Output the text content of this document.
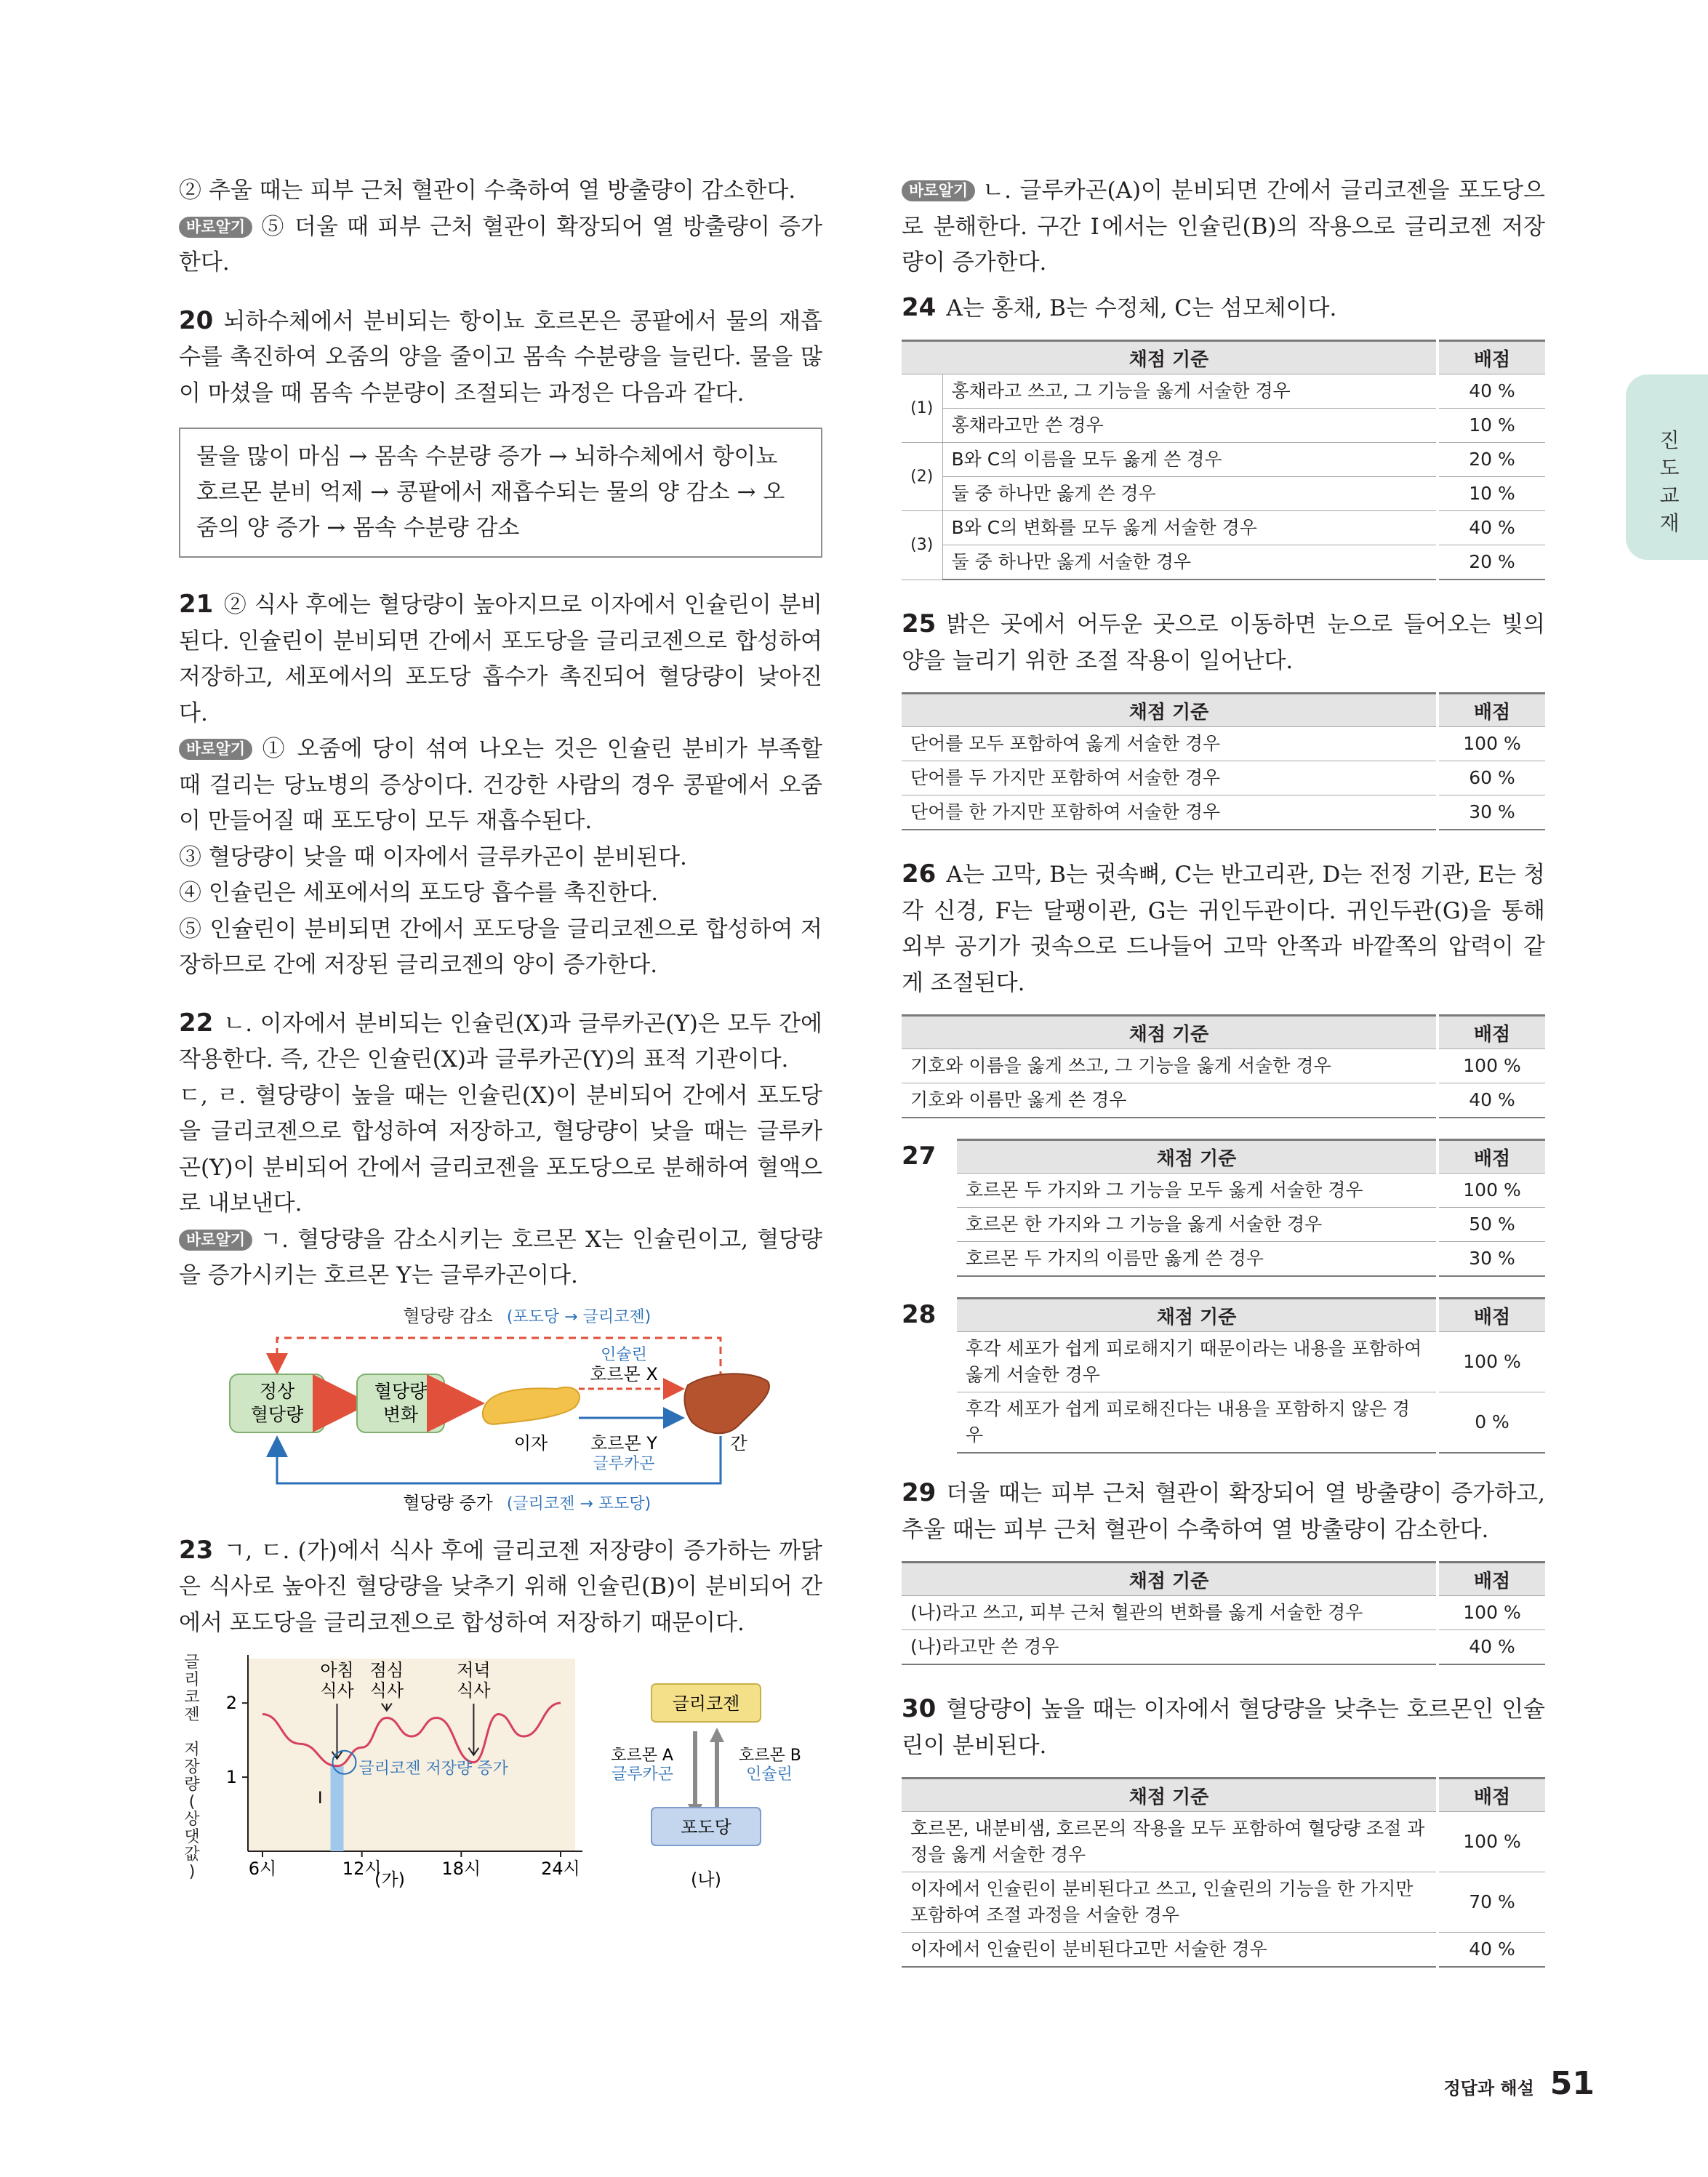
② 추울 때는 피부 근처 혈관이 수축하여 열 방출량이 감소한다.

바로알기 ⑤ 더울 때 피부 근처 혈관이 확장되어 열 방출량이 증가한다.

20 뇌하수체에서 분비되는 항이뇨 호르몬은 콩팥에서 물의 재흡수를 촉진하여 오줌의 양을 줄이고 몸속 수분량을 늘린다. 물을 많이 마셨을 때 몸속 수분량이 조절되는 과정은 다음과 같다.

물을 많이 마심 → 몸속 수분량 증가 → 뇌하수체에서 항이뇨 호르몬 분비 억제 → 콩팥에서 재흡수되는 물의 양 감소 → 오줌의 양 증가 → 몸속 수분량 감소

21 ② 식사 후에는 혈당량이 높아지므로 이자에서 인슐린이 분비된다. 인슐린이 분비되면 간에서 포도당을 글리코젠으로 합성하여 저장하고, 세포에서의 포도당 흡수가 촉진되어 혈당량이 낮아진다.

바로알기 ① 오줌에 당이 섞여 나오는 것은 인슐린 분비가 부족할 때 걸리는 당뇨병의 증상이다. 건강한 사람의 경우 콩팥에서 오줌이 만들어질 때 포도당이 모두 재흡수된다.

③ 혈당량이 낮을 때 이자에서 글루카곤이 분비된다.

④ 인슐린은 세포에서의 포도당 흡수를 촉진한다.

⑤ 인슐린이 분비되면 간에서 포도당을 글리코젠으로 합성하여 저장하므로 간에 저장된 글리코젠의 양이 증가한다.

22 ㄴ. 이자에서 분비되는 인슐린(X)과 글루카곤(Y)은 모두 간에 작용한다. 즉, 간은 인슐린(X)과 글루카곤(Y)의 표적 기관이다.

ㄷ, ㄹ. 혈당량이 높을 때는 인슐린(X)이 분비되어 간에서 포도당을 글리코젠으로 합성하여 저장하고, 혈당량이 낮을 때는 글루카곤(Y)이 분비되어 간에서 글리코젠을 포도당으로 분해하여 혈액으로 내보낸다.

바로알기 ㄱ. 혈당량을 감소시키는 호르몬 X는 인슐린이고, 혈당량을 증가시키는 호르몬 Y는 글루카곤이다.

혈당량 감소 (포도당 → 글리코젠)
정상
혈당량
혈당량
변화
이자
인슐린
호르몬 X
호르몬 Y
글루카곤
간
혈당량 증가 (글리코젠 → 포도당)

23 ㄱ, ㄷ. (가)에서 식사 후에 글리코젠 저장량이 증가하는 까닭은 식사로 높아진 혈당량을 낮추기 위해 인슐린(B)이 분비되어 간에서 포도당을 글리코젠으로 합성하여 저장하기 때문이다.

글
리
코
젠
저
장
량
(
상
댓
값
)
2
1
아침 식사
점심 식사
저녁 식사
글리코젠 저장량 증가
Ⅰ
6시	12시	18시	24시
(가)
글리코젠
호르몬 A
글루카곤
호르몬 B
인슐린
포도당
(나)

바로알기 ㄴ. 글루카곤(A)이 분비되면 간에서 글리코젠을 포도당으로 분해한다. 구간 Ⅰ에서는 인슐린(B)의 작용으로 글리코젠 저장량이 증가한다.

24 A는 홍채, B는 수정체, C는 섬모체이다.

채점 기준		배점
(1)	홍채라고 쓰고, 그 기능을 옳게 서술한 경우	40 %
	홍채라고만 쓴 경우	10 %
(2)	B와 C의 이름을 모두 옳게 쓴 경우	20 %
	둘 중 하나만 옳게 쓴 경우	10 %
(3)	B와 C의 변화를 모두 옳게 서술한 경우	40 %
	둘 중 하나만 옳게 서술한 경우	20 %

25 밝은 곳에서 어두운 곳으로 이동하면 눈으로 들어오는 빛의 양을 늘리기 위한 조절 작용이 일어난다.

채점 기준	배점
단어를 모두 포함하여 옳게 서술한 경우	100 %
단어를 두 가지만 포함하여 서술한 경우	60 %
단어를 한 가지만 포함하여 서술한 경우	30 %

26 A는 고막, B는 귓속뼈, C는 반고리관, D는 전정 기관, E는 청각 신경, F는 달팽이관, G는 귀인두관이다. 귀인두관(G)을 통해 외부 공기가 귓속으로 드나들어 고막 안쪽과 바깥쪽의 압력이 같게 조절된다.

채점 기준	배점
기호와 이름을 옳게 쓰고, 그 기능을 옳게 서술한 경우	100 %
기호와 이름만 옳게 쓴 경우	40 %
27	채점 기준	배점
호르몬 두 가지와 그 기능을 모두 옳게 서술한 경우	100 %
호르몬 한 가지와 그 기능을 옳게 서술한 경우	50 %
호르몬 두 가지의 이름만 옳게 쓴 경우	30 %
28	채점 기준	배점
후각 세포가 쉽게 피로해지기 때문이라는 내용을 포함하여 옳게 서술한 경우	100 %
후각 세포가 쉽게 피로해진다는 내용을 포함하지 않은 경우	0 %

29 더울 때는 피부 근처 혈관이 확장되어 열 방출량이 증가하고, 추울 때는 피부 근처 혈관이 수축하여 열 방출량이 감소한다.

채점 기준	배점
(나)라고 쓰고, 피부 근처 혈관의 변화를 옳게 서술한 경우	100 %
(나)라고만 쓴 경우	40 %

30 혈당량이 높을 때는 이자에서 혈당량을 낮추는 호르몬인 인슐린이 분비된다.

채점 기준	배점
호르몬, 내분비샘, 호르몬의 작용을 모두 포함하여 혈당량 조절 과정을 옳게 서술한 경우	100 %
이자에서 인슐린이 분비된다고 쓰고, 인슐린의 기능을 한 가지만 포함하여 조절 과정을 서술한 경우	70 %
이자에서 인슐린이 분비된다고만 서술한 경우	40 %
진도 교재
정답과 해설 51
